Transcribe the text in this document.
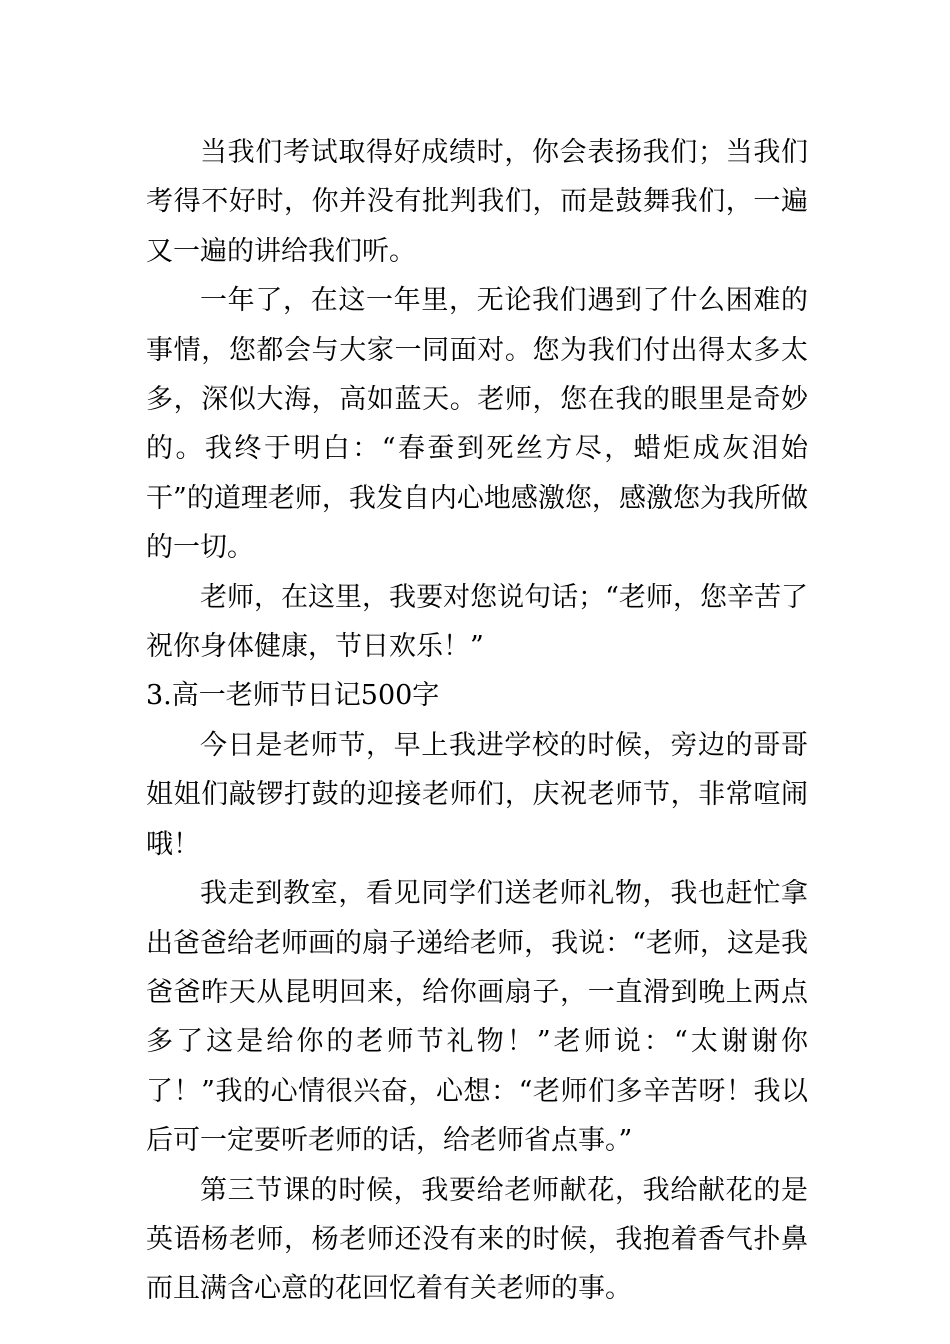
当我们考试取得好成绩时，你会表扬我们；当我们考得不好时，你并没有批判我们，而是鼓舞我们，一遍又一遍的讲给我们听。

一年了，在这一年里，无论我们遇到了什么困难的事情，您都会与大家一同面对。您为我们付出得太多太多，深似大海，高如蓝天。老师，您在我的眼里是奇妙的。我终于明白：“春蚕到死丝方尽，蜡炬成灰泪始干”的道理老师，我发自内心地感激您，感激您为我所做的一切。

老师，在这里，我要对您说句话；“老师，您辛苦了祝你身体健康，节日欢乐！”

3.高一老师节日记500字

今日是老师节，早上我进学校的时候，旁边的哥哥姐姐们敲锣打鼓的迎接老师们，庆祝老师节，非常喧闹哦！

我走到教室，看见同学们送老师礼物，我也赶忙拿出爸爸给老师画的扇子递给老师，我说：“老师，这是我爸爸昨天从昆明回来，给你画扇子，一直滑到晚上两点多了这是给你的老师节礼物！”老师说：“太谢谢你了！”我的心情很兴奋，心想：“老师们多辛苦呀！我以后可一定要听老师的话，给老师省点事。”

第三节课的时候，我要给老师献花，我给献花的是英语杨老师，杨老师还没有来的时候，我抱着香气扑鼻而且满含心意的花回忆着有关老师的事。
